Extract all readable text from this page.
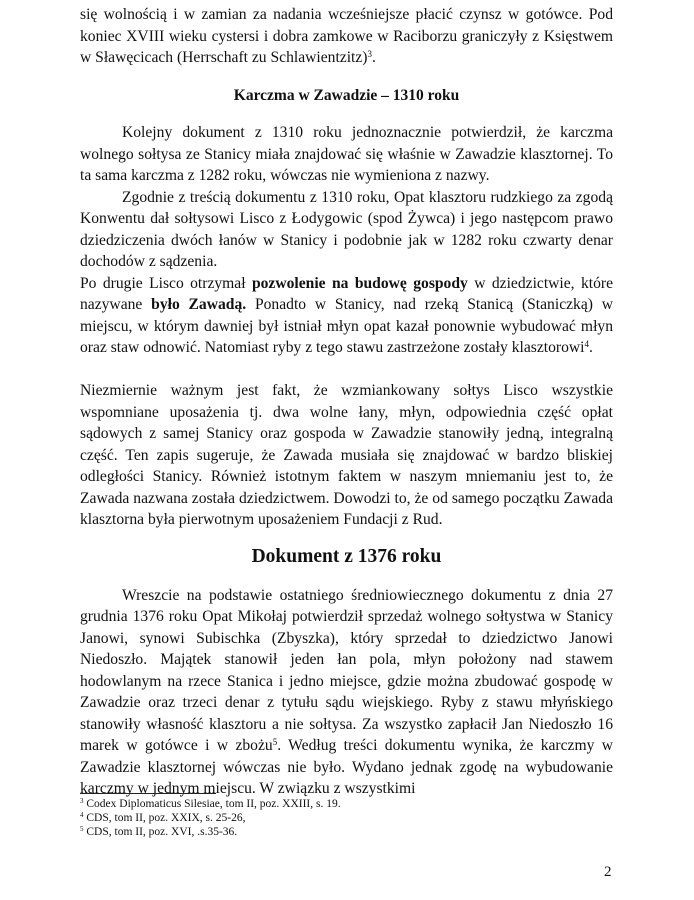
się wolnością i w zamian za nadania wcześniejsze płacić czynsz w gotówce. Pod koniec XVIII wieku cystersi i dobra zamkowe w Raciborzu graniczyły z Księstwem w Sławęcicach (Herrschaft zu Schlawientzitz)$^3$.

Karczma w Zawadzie – 1310 roku

Kolejny dokument z 1310 roku jednoznacznie potwierdził, że karczma wolnego sołtysa ze Stanicy miała znajdować się właśnie w Zawadzie klasztornej. To ta sama karczma z 1282 roku, wówczas nie wymieniona z nazwy.

Zgodnie z treścią dokumentu z 1310 roku, Opat klasztoru rudzkiego za zgodą Konwentu dał sołtysowi Lisco z Łodygowic (spod Żywca) i jego następcom prawo dziedziczenia dwóch łanów w Stanicy i podobnie jak w 1282 roku czwarty denar dochodów z sądzenia.

Po drugie Lisco otrzymał pozwolenie na budowę gospody w dziedzictwie, które nazywane było Zawadą. Ponadto w Stanicy, nad rzeką Stanicą (Staniczką) w miejscu, w którym dawniej był istniał młyn opat kazał ponownie wybudować młyn oraz staw odnowić. Natomiast ryby z tego stawu zastrzeżone zostały klasztorowi$^4$.

Niezmiernie ważnym jest fakt, że wzmiankowany sołtys Lisco wszystkie wspomniane uposażenia tj. dwa wolne łany, młyn, odpowiednia część opłat sądowych z samej Stanicy oraz gospoda w Zawadzie stanowiły jedną, integralną część. Ten zapis sugeruje, że Zawada musiała się znajdować w bardzo bliskiej odległości Stanicy. Również istotnym faktem w naszym mniemaniu jest to, że Zawada nazwana została dziedzictwem. Dowodzi to, że od samego początku Zawada klasztorna była pierwotnym uposażeniem Fundacji z Rud.

Dokument z 1376 roku

Wreszcie na podstawie ostatniego średniowiecznego dokumentu z dnia 27 grudnia 1376 roku Opat Mikołaj potwierdził sprzedaż wolnego sołtystwa w Stanicy Janowi, synowi Subischka (Zbyszka), który sprzedał to dziedzictwo Janowi Niedoszło. Majątek stanowił jeden łan pola, młyn położony nad stawem hodowlanym na rzece Stanica i jedno miejsce, gdzie można zbudować gospodę w Zawadzie oraz trzeci denar z tytułu sądu wiejskiego. Ryby z stawu młyńskiego stanowiły własność klasztoru a nie sołtysa. Za wszystko zapłacił Jan Niedoszło 16 marek w gotówce i w zbożu$^5$. Według treści dokumentu wynika, że karczmy w Zawadzie klasztornej wówczas nie było. Wydano jednak zgodę na wybudowanie karczmy w jednym miejscu. W związku z wszystkimi

$^3$ Codex Diplomaticus Silesiae, tom II, poz. XXIII, s. 19.
$^4$ CDS, tom II, poz. XXIX, s. 25-26,
$^5$ CDS, tom II, poz. XVI, .s.35-36.
2
